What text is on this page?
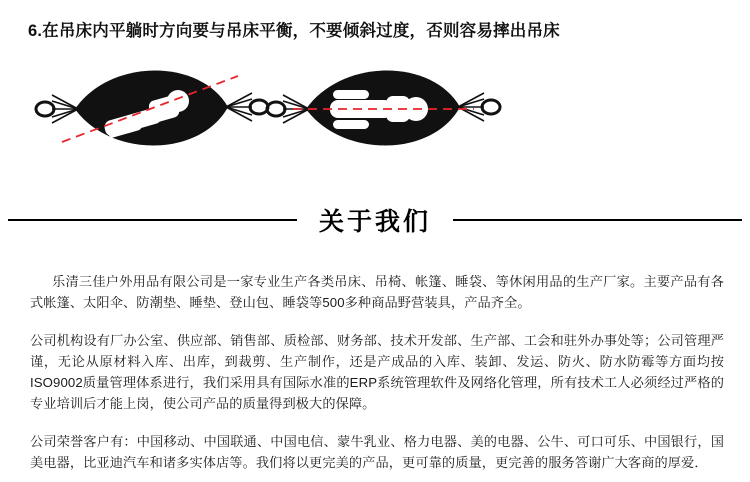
6.在吊床内平躺时方向要与吊床平衡，不要倾斜过度，否则容易摔出吊床
关于我们

乐清三佳户外用品有限公司是一家专业生产各类吊床、吊椅、帐篷、睡袋、等休闲用品的生产厂家。主要产品有各式帐篷、太阳伞、防潮垫、睡垫、登山包、睡袋等500多种商品野营装具，产品齐全。

公司机构设有厂办公室、供应部、销售部、质检部、财务部、技术开发部、生产部、工会和驻外办事处等；公司管理严谨，无论从原材料入库、出库，到裁剪、生产制作，还是产成品的入库、装卸、发运、防火、防水防霉等方面均按ISO9002质量管理体系进行，我们采用具有国际水准的ERP系统管理软件及网络化管理，所有技术工人必须经过严格的专业培训后才能上岗，使公司产品的质量得到极大的保障。

公司荣誉客户有：中国移动、中国联通、中国电信、蒙牛乳业、格力电器、美的电器、公牛、可口可乐、中国银行，国美电器，比亚迪汽车和诸多实体店等。我们将以更完美的产品，更可靠的质量，更完善的服务答谢广大客商的厚爱．
